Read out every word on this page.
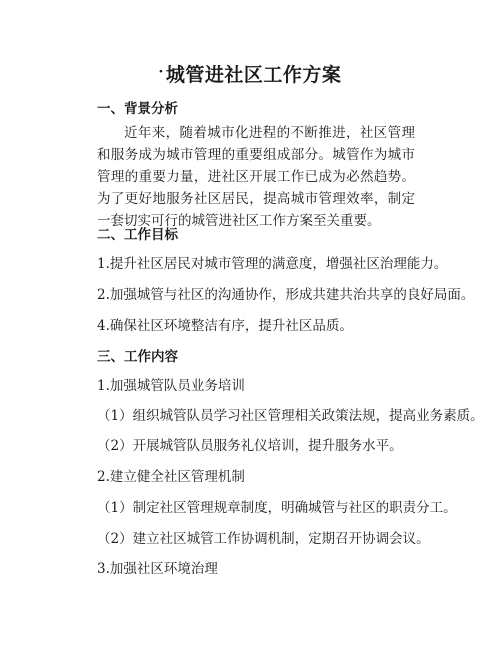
· 城管进社区工作方案
一、背景分析
近年来，随着城市化进程的不断推进，社区管理和服务成为城市管理的重要组成部分。城管作为城市管理的重要力量，进社区开展工作已成为必然趋势。为了更好地服务社区居民，提高城市管理效率，制定一套切实可行的城管进社区工作方案至关重要。
二、工作目标
1.提升社区居民对城市管理的满意度，增强社区治理能力。
2.加强城管与社区的沟通协作，形成共建共治共享的良好局面。
4.确保社区环境整洁有序，提升社区品质。
三、工作内容
1.加强城管队员业务培训
（1）组织城管队员学习社区管理相关政策法规，提高业务素质。
（2）开展城管队员服务礼仪培训，提升服务水平。
2.建立健全社区管理机制
（1）制定社区管理规章制度，明确城管与社区的职责分工。
（2）建立社区城管工作协调机制，定期召开协调会议。
3.加强社区环境治理
